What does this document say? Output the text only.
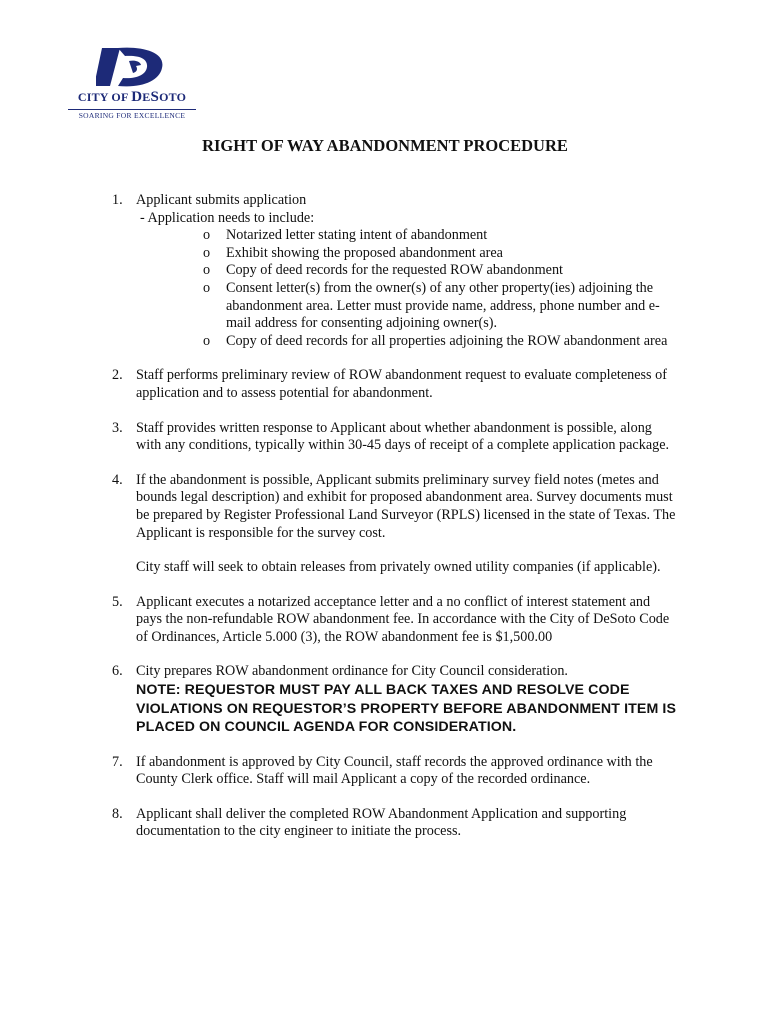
CITY OF DESOTO
SOARING FOR EXCELLENCE
RIGHT OF WAY ABANDONMENT PROCEDURE
1. Applicant submits application
- Application needs to include:
o Notarized letter stating intent of abandonment
o Exhibit showing the proposed abandonment area
o Copy of deed records for the requested ROW abandonment
o Consent letter(s) from the owner(s) of any other property(ies) adjoining the abandonment area. Letter must provide name, address, phone number and e-mail address for consenting adjoining owner(s).
o Copy of deed records for all properties adjoining the ROW abandonment area
2. Staff performs preliminary review of ROW abandonment request to evaluate completeness of application and to assess potential for abandonment.

3. Staff provides written response to Applicant about whether abandonment is possible, along with any conditions, typically within 30-45 days of receipt of a complete application package.

4. If the abandonment is possible, Applicant submits preliminary survey field notes (metes and bounds legal description) and exhibit for proposed abandonment area. Survey documents must be prepared by Register Professional Land Surveyor (RPLS) licensed in the state of Texas. The Applicant is responsible for the survey cost.

City staff will seek to obtain releases from privately owned utility companies (if applicable).

5. Applicant executes a notarized acceptance letter and a no conflict of interest statement and pays the non-refundable ROW abandonment fee. In accordance with the City of DeSoto Code of Ordinances, Article 5.000 (3), the ROW abandonment fee is $1,500.00

6. City prepares ROW abandonment ordinance for City Council consideration.

NOTE: REQUESTOR MUST PAY ALL BACK TAXES AND RESOLVE CODE VIOLATIONS ON REQUESTOR’S PROPERTY BEFORE ABANDONMENT ITEM IS PLACED ON COUNCIL AGENDA FOR CONSIDERATION.

7. If abandonment is approved by City Council, staff records the approved ordinance with the County Clerk office. Staff will mail Applicant a copy of the recorded ordinance.

8. Applicant shall deliver the completed ROW Abandonment Application and supporting documentation to the city engineer to initiate the process.
